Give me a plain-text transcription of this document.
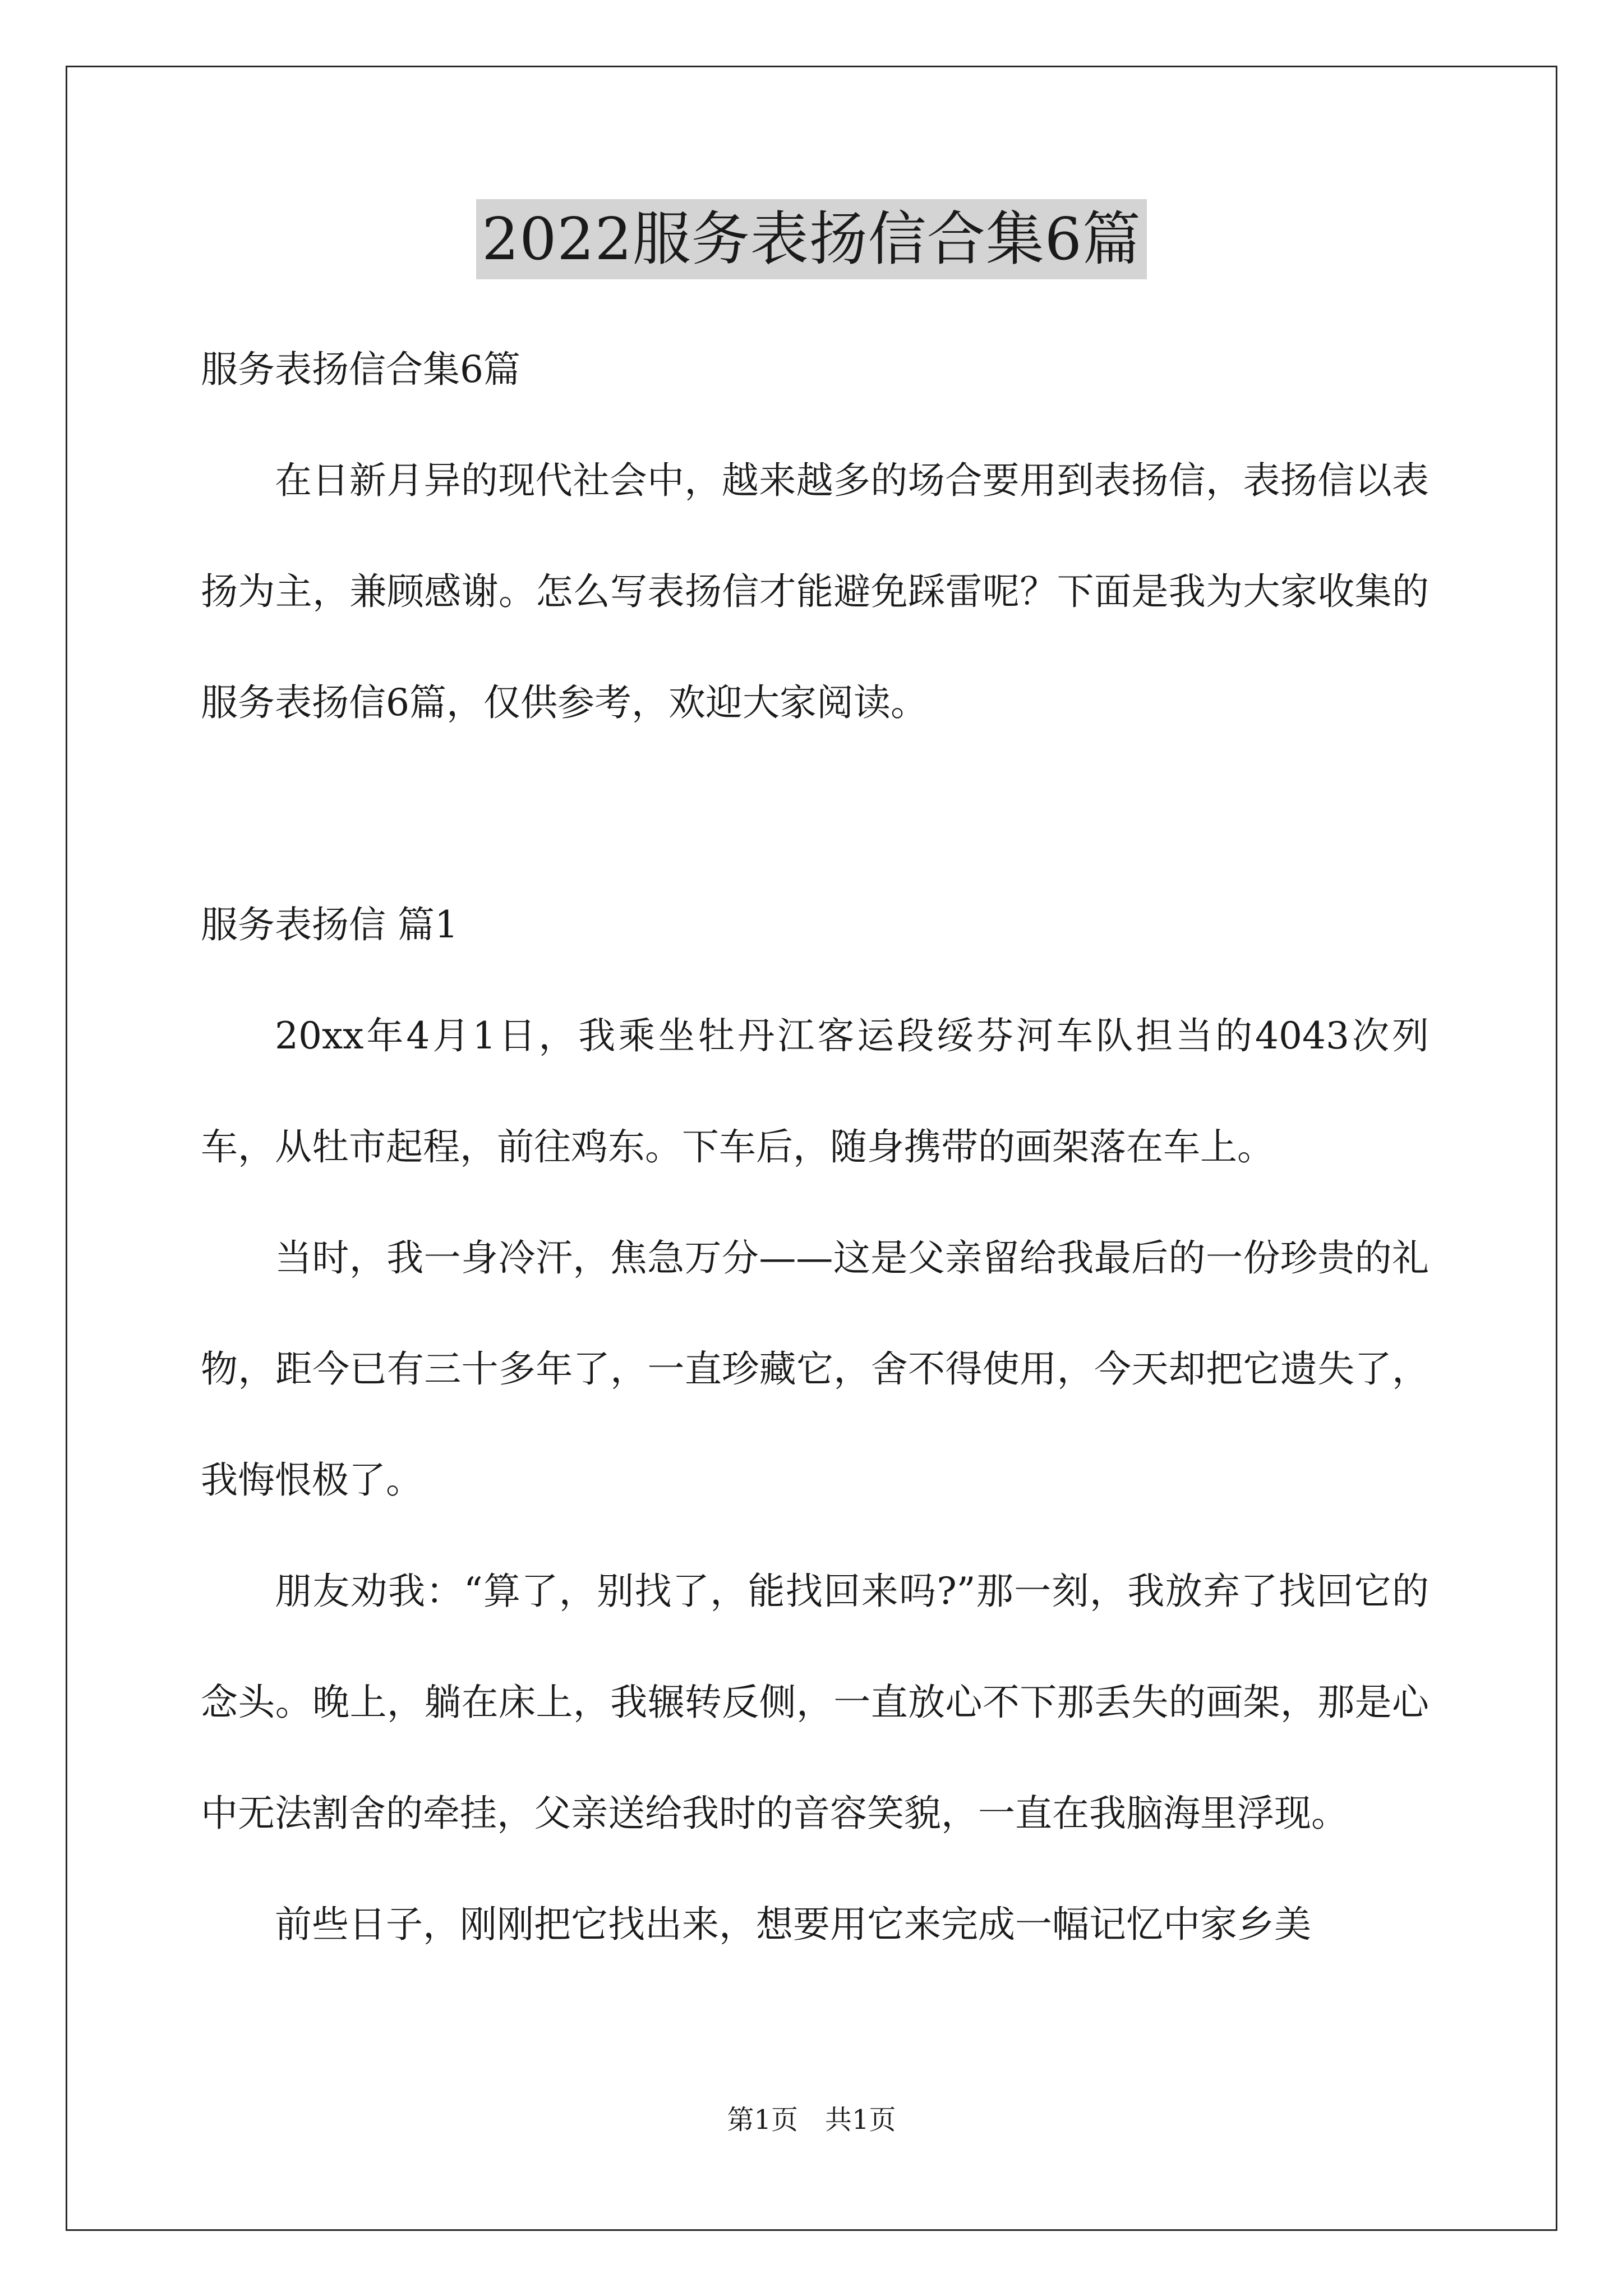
2022服务表扬信合集6篇

服务表扬信合集6篇

在日新月异的现代社会中，越来越多的场合要用到表扬信，表扬信以表扬为主，兼顾感谢。怎么写表扬信才能避免踩雷呢？下面是我为大家收集的服务表扬信6篇，仅供参考，欢迎大家阅读。

服务表扬信 篇1

20xx年4月1日，我乘坐牡丹江客运段绥芬河车队担当的4043次列车，从牡市起程，前往鸡东。下车后，随身携带的画架落在车上。

当时，我一身冷汗，焦急万分——这是父亲留给我最后的一份珍贵的礼物，距今已有三十多年了，一直珍藏它，舍不得使用，今天却把它遗失了，我悔恨极了。

朋友劝我：“算了，别找了，能找回来吗?”那一刻，我放弃了找回它的念头。晚上，躺在床上，我辗转反侧，一直放心不下那丢失的画架，那是心中无法割舍的牵挂，父亲送给我时的音容笑貌，一直在我脑海里浮现。

前些日子，刚刚把它找出来，想要用它来完成一幅记忆中家乡美

第1页　共1页
